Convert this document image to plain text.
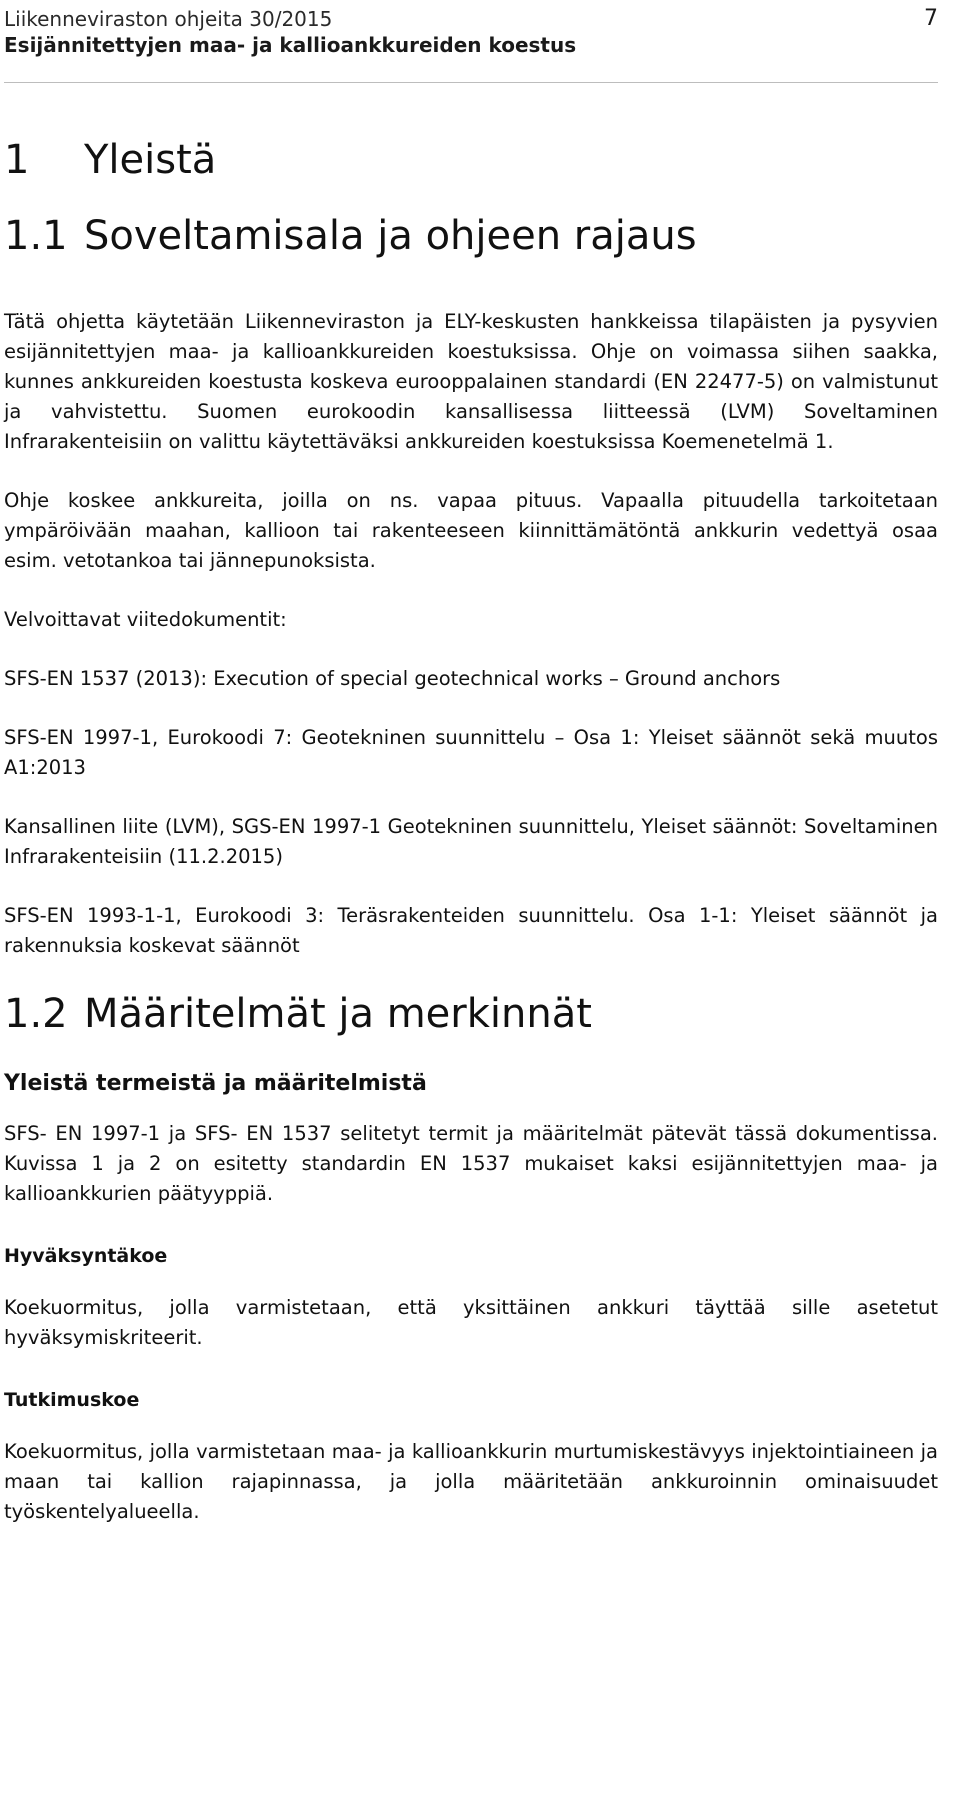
Liikenneviraston ohjeita 30/2015
Esijännitettyjen maa- ja kallioankkureiden koestus
7
1	Yleistä
1.1 Soveltamisala ja ohjeen rajaus

Tätä ohjetta käytetään Liikenneviraston ja ELY-keskusten hankkeissa tilapäisten ja pysyvien esijännitettyjen maa- ja kallioankkureiden koestuksissa. Ohje on voimassa siihen saakka, kunnes ankkureiden koestusta koskeva eurooppalainen standardi (EN 22477-5) on valmistunut ja vahvistettu. Suomen eurokoodin kansallisessa liitteessä (LVM) Soveltaminen Infrarakenteisiin on valittu käytettäväksi ankkureiden koestuksissa Koemenetelmä 1.

Ohje koskee ankkureita, joilla on ns. vapaa pituus. Vapaalla pituudella tarkoitetaan ympäröivään maahan, kallioon tai rakenteeseen kiinnittämätöntä ankkurin vedettyä osaa esim. vetotankoa tai jännepunoksista.

Velvoittavat viitedokumentit:

SFS-EN 1537 (2013): Execution of special geotechnical works – Ground anchors

SFS-EN 1997-1, Eurokoodi 7: Geotekninen suunnittelu – Osa 1: Yleiset säännöt sekä muutos A1:2013

Kansallinen liite (LVM), SGS-EN 1997-1 Geotekninen suunnittelu, Yleiset säännöt: Soveltaminen Infrarakenteisiin (11.2.2015)

SFS-EN 1993-1-1, Eurokoodi 3: Teräsrakenteiden suunnittelu. Osa 1-1: Yleiset säännöt ja rakennuksia koskevat säännöt

1.2 Määritelmät ja merkinnät
Yleistä termeistä ja määritelmistä

SFS- EN 1997-1 ja SFS- EN 1537 selitetyt termit ja määritelmät pätevät tässä dokumentissa. Kuvissa 1 ja 2 on esitetty standardin EN 1537 mukaiset kaksi esijännitettyjen maa- ja kallioankkurien päätyyppiä.

Hyväksyntäkoe

Koekuormitus, jolla varmistetaan, että yksittäinen ankkuri täyttää sille asetetut hyväksymiskriteerit.

Tutkimuskoe

Koekuormitus, jolla varmistetaan maa- ja kallioankkurin murtumiskestävyys injektointiaineen ja maan tai kallion rajapinnassa, ja jolla määritetään ankkuroinnin ominaisuudet työskentelyalueella.
